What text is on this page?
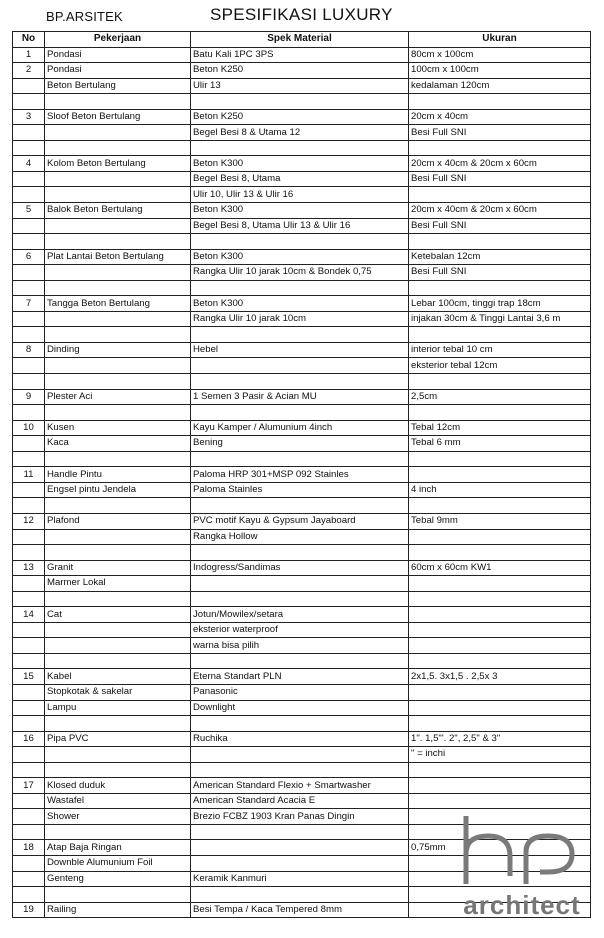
BP.ARSITEK	SPESIFIKASI LUXURY
No	Pekerjaan	Spek Material	Ukuran
1	Pondasi	Batu Kali 1PC 3PS	80cm x 100cm
2	Pondasi	Beton K250	100cm x 100cm
	Beton Bertulang	Ulir 13	kedalaman 120cm

3	Sloof Beton Bertulang	Beton K250	20cm x 40cm
		Begel Besi 8 & Utama 12	Besi Full SNI

4	Kolom Beton Bertulang	Beton K300	20cm x 40cm & 20cm x 60cm
		Begel Besi 8, Utama	Besi Full SNI
		Ulir 10, Ulir 13 & Ulir 16	
5	Balok Beton Bertulang	Beton K300	20cm x 40cm & 20cm x 60cm
		Begel Besi 8, Utama Ulir 13 & Ulir 16	Besi Full SNI

6	Plat Lantai Beton Bertulang	Beton K300	Ketebalan 12cm
		Rangka Ulir 10 jarak 10cm & Bondek 0,75	Besi Full SNI

7	Tangga Beton Bertulang	Beton K300	Lebar 100cm, tinggi trap 18cm
		Rangka Ulir 10 jarak 10cm	injakan 30cm & Tinggi Lantai 3,6 m

8	Dinding	Hebel	interior tebal 10 cm
			eksterior tebal 12cm

9	Plester Aci	1 Semen 3 Pasir & Acian MU	2,5cm

10	Kusen	Kayu Kamper / Alumunium 4inch	Tebal 12cm
	Kaca	Bening	Tebal 6 mm

11	Handle Pintu	Paloma HRP 301+MSP 092 Stainles	
	Engsel pintu Jendela	Paloma Stainles	4 inch

12	Plafond	PVC motif Kayu & Gypsum Jayaboard	Tebal 9mm
		Rangka Hollow	

13	Granit	Indogress/Sandimas	60cm x 60cm KW1
	Marmer Lokal		

14	Cat	Jotun/Mowilex/setara	
		eksterior waterproof	
		warna bisa pilih	

15	Kabel	Eterna Standart PLN	2x1,5. 3x1,5 . 2,5x 3
	Stopkotak & sakelar	Panasonic	
	Lampu	Downlight	

16	Pipa PVC	Ruchika	1". 1,5"'. 2", 2,5" & 3"
			" = inchi

17	Klosed duduk	American Standard Flexio + Smartwasher	
	Wastafel	American Standard Acacia E	
	Shower	Brezio FCBZ 1903 Kran Panas Dingin	

18	Atap Baja Ringan		0,75mm
	Downble Alumunium Foil		
	Genteng	Keramik Kanmuri	

19	Railing	Besi Tempa / Kaca Tempered 8mm		architect
